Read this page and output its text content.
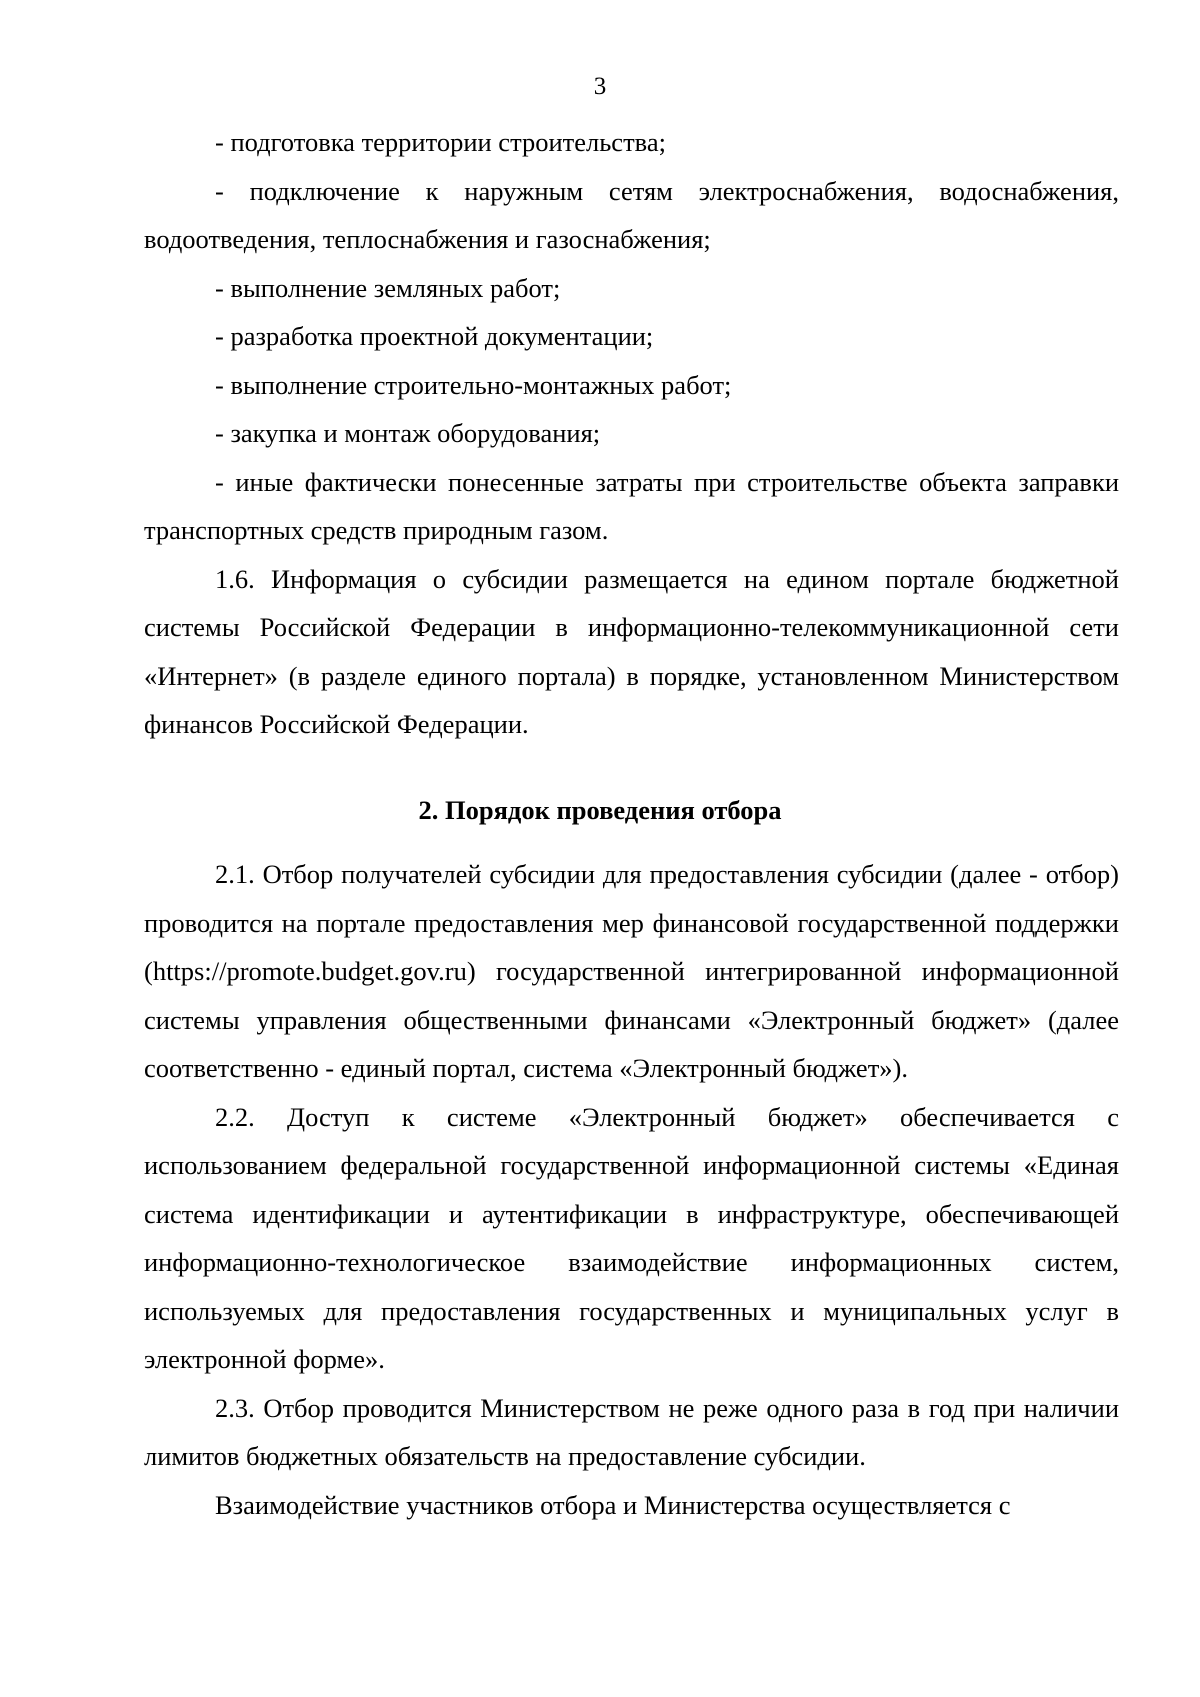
3

- подготовка территории строительства;

- подключение к наружным сетям электроснабжения, водоснабжения, водоотведения, теплоснабжения и газоснабжения;

- выполнение земляных работ;

- разработка проектной документации;

- выполнение строительно-монтажных работ;

- закупка и монтаж оборудования;

- иные фактически понесенные затраты при строительстве объекта заправки транспортных средств природным газом.

1.6. Информация о субсидии размещается на едином портале бюджетной системы Российской Федерации в информационно-телекоммуникационной сети «Интернет» (в разделе единого портала) в порядке, установленном Министерством финансов Российской Федерации.

2. Порядок проведения отбора

2.1. Отбор получателей субсидии для предоставления субсидии (далее - отбор) проводится на портале предоставления мер финансовой государственной поддержки (https://promote.budget.gov.ru) государственной интегрированной информационной системы управления общественными финансами «Электронный бюджет» (далее соответственно - единый портал, система «Электронный бюджет»).

2.2. Доступ к системе «Электронный бюджет» обеспечивается с использованием федеральной государственной информационной системы «Единая система идентификации и аутентификации в инфраструктуре, обеспечивающей информационно-технологическое взаимодействие информационных систем, используемых для предоставления государственных и муниципальных услуг в электронной форме».

2.3. Отбор проводится Министерством не реже одного раза в год при наличии лимитов бюджетных обязательств на предоставление субсидии.

Взаимодействие участников отбора и Министерства осуществляется с
